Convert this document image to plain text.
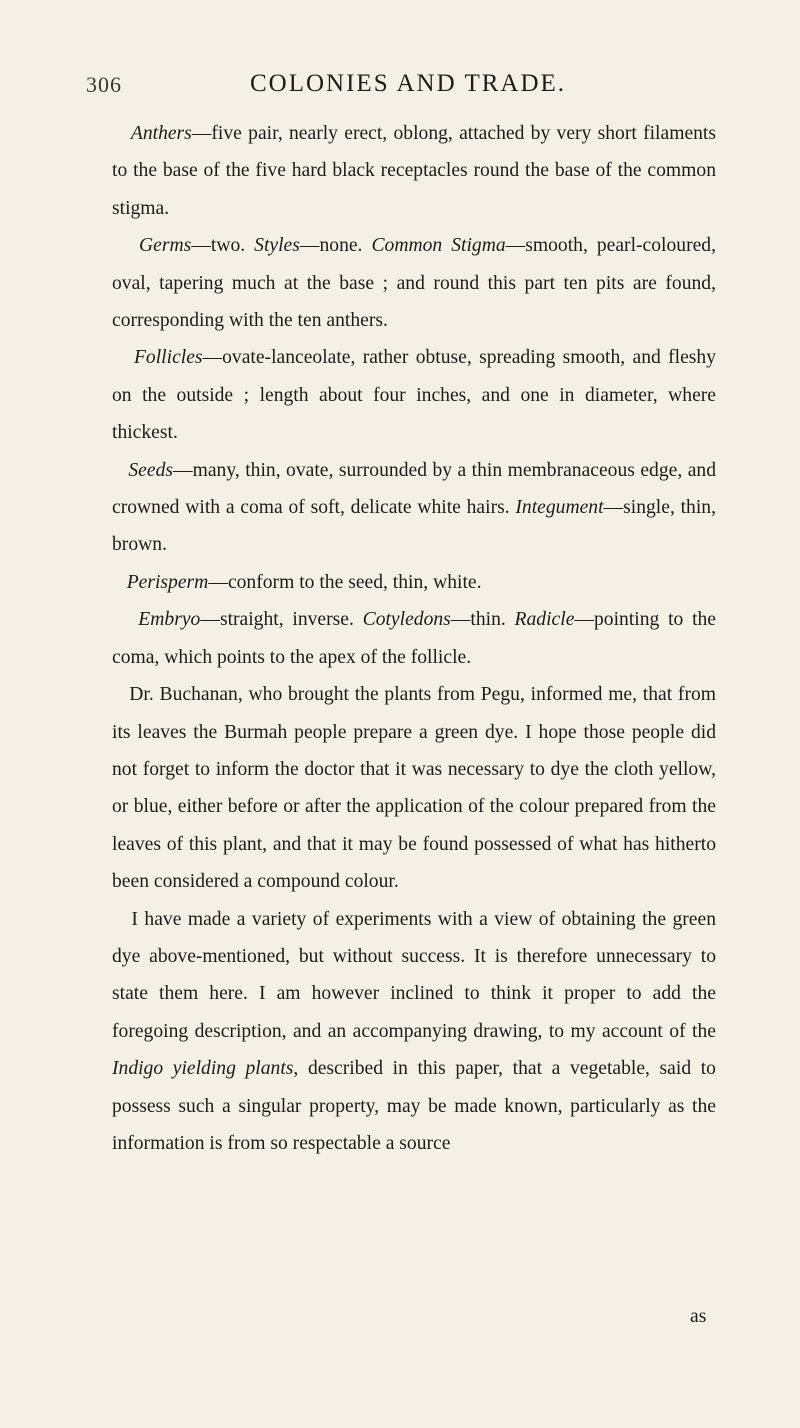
306	COLONIES AND TRADE.

Anthers—five pair, nearly erect, oblong, attached by very short filaments to the base of the five hard black receptacles round the base of the common stigma.

Germs—two. Styles—none. Common Stigma—smooth, pearl-coloured, oval, tapering much at the base ; and round this part ten pits are found, corresponding with the ten anthers.

Follicles—ovate-lanceolate, rather obtuse, spreading smooth, and fleshy on the outside ; length about four inches, and one in diameter, where thickest.

Seeds—many, thin, ovate, surrounded by a thin membranaceous edge, and crowned with a coma of soft, delicate white hairs. Integument—single, thin, brown.

Perisperm—conform to the seed, thin, white.

Embryo—straight, inverse. Cotyledons—thin. Radicle—pointing to the coma, which points to the apex of the follicle.

Dr. Buchanan, who brought the plants from Pegu, informed me, that from its leaves the Burmah people prepare a green dye. I hope those people did not forget to inform the doctor that it was necessary to dye the cloth yellow, or blue, either before or after the application of the colour prepared from the leaves of this plant, and that it may be found possessed of what has hitherto been considered a compound colour.

I have made a variety of experiments with a view of obtaining the green dye above-mentioned, but without success. It is therefore unnecessary to state them here. I am however inclined to think it proper to add the foregoing description, and an accompanying drawing, to my account of the Indigo yielding plants, described in this paper, that a vegetable, said to possess such a singular property, may be made known, particularly as the information is from so respectable a source

as
